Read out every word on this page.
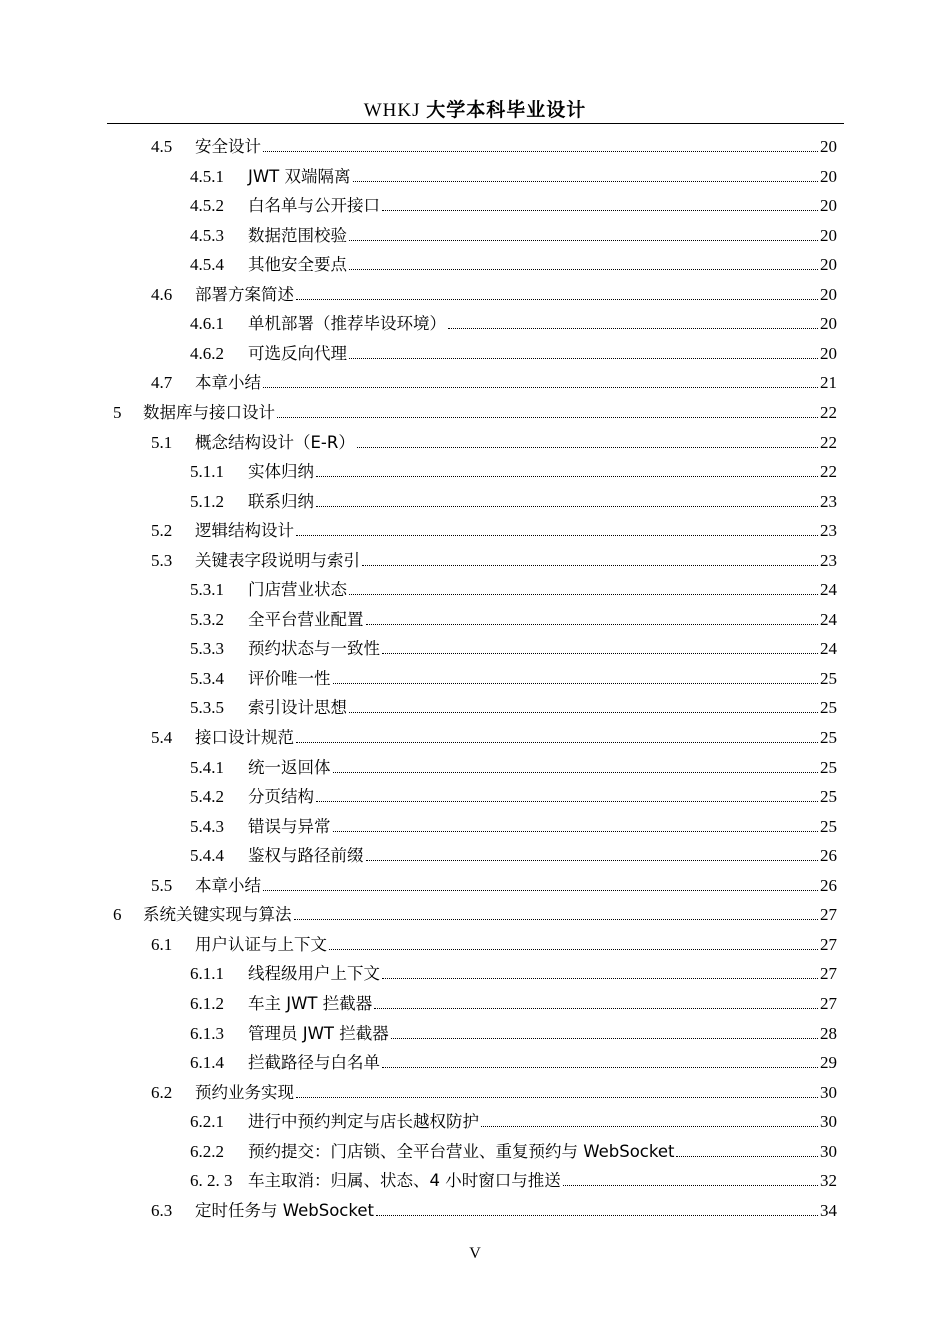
WHKJ 大学本科毕业设计
4.5	安全设计	20
4.5.1	JWT 双端隔离	20
4.5.2	白名单与公开接口	20
4.5.3	数据范围校验	20
4.5.4	其他安全要点	20
4.6	部署方案简述	20
4.6.1	单机部署（推荐毕设环境）	20
4.6.2	可选反向代理	20
4.7	本章小结	21
5	数据库与接口设计	22
5.1	概念结构设计（E-R）	22
5.1.1	实体归纳	22
5.1.2	联系归纳	23
5.2	逻辑结构设计	23
5.3	关键表字段说明与索引	23
5.3.1	门店营业状态	24
5.3.2	全平台营业配置	24
5.3.3	预约状态与一致性	24
5.3.4	评价唯一性	25
5.3.5	索引设计思想	25
5.4	接口设计规范	25
5.4.1	统一返回体	25
5.4.2	分页结构	25
5.4.3	错误与异常	25
5.4.4	鉴权与路径前缀	26
5.5	本章小结	26
6	系统关键实现与算法	27
6.1	用户认证与上下文	27
6.1.1	线程级用户上下文	27
6.1.2	车主 JWT 拦截器	27
6.1.3	管理员 JWT 拦截器	28
6.1.4	拦截路径与白名单	29
6.2	预约业务实现	30
6.2.1	进行中预约判定与店长越权防护	30
6.2.2	预约提交：门店锁、全平台营业、重复预约与 WebSocket	30
6. 2. 3 车主取消：归属、状态、4 小时窗口与推送	32
6.3	定时任务与 WebSocket	34
V
